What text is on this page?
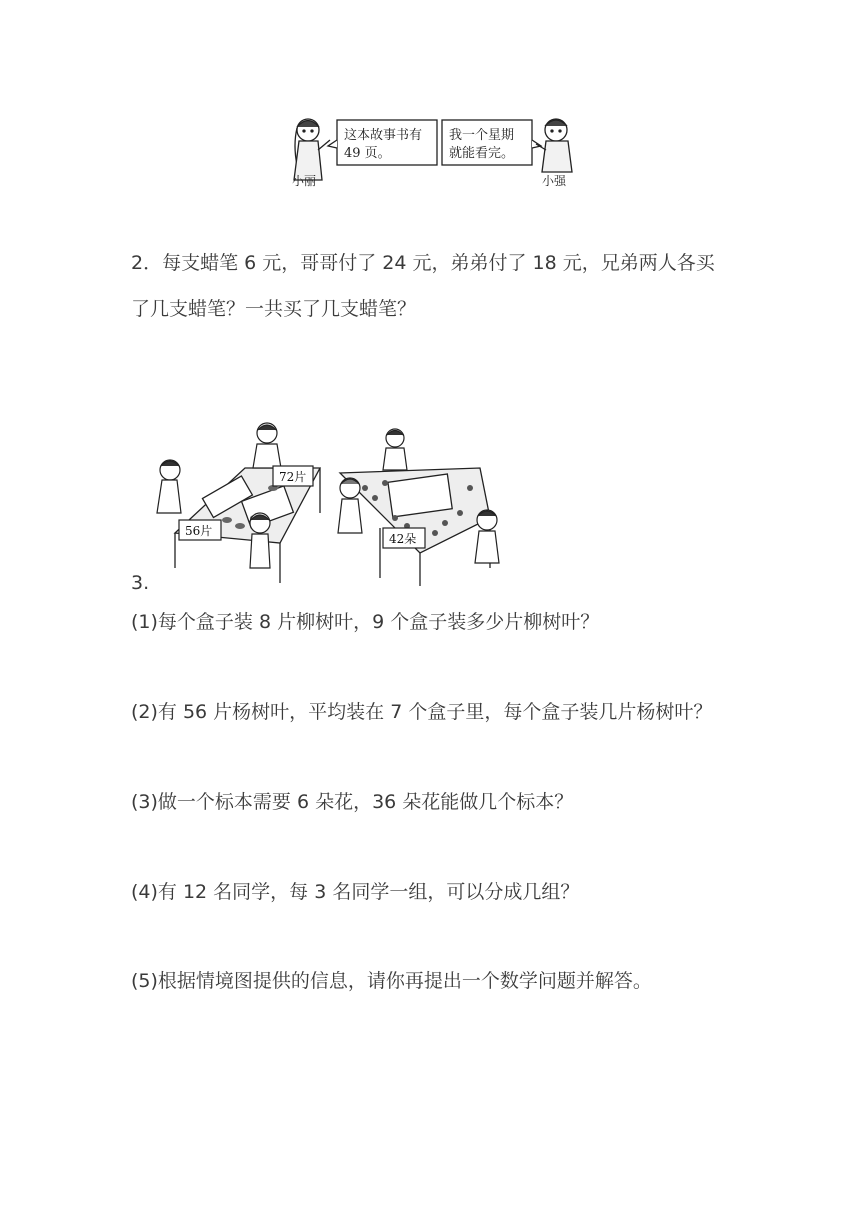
这本故事书有
49 页。
我一个星期
就能看完。
小丽	小强
2．每支蜡笔 6 元，哥哥付了 24 元，弟弟付了 18 元，兄弟两人各买
了几支蜡笔？一共买了几支蜡笔？
72片
56片
42朵
3.
(1)每个盒子装 8 片柳树叶，9 个盒子装多少片柳树叶？
(2)有 56 片杨树叶，平均装在 7 个盒子里，每个盒子装几片杨树叶？
(3)做一个标本需要 6 朵花，36 朵花能做几个标本？
(4)有 12 名同学，每 3 名同学一组，可以分成几组？
(5)根据情境图提供的信息，请你再提出一个数学问题并解答。
